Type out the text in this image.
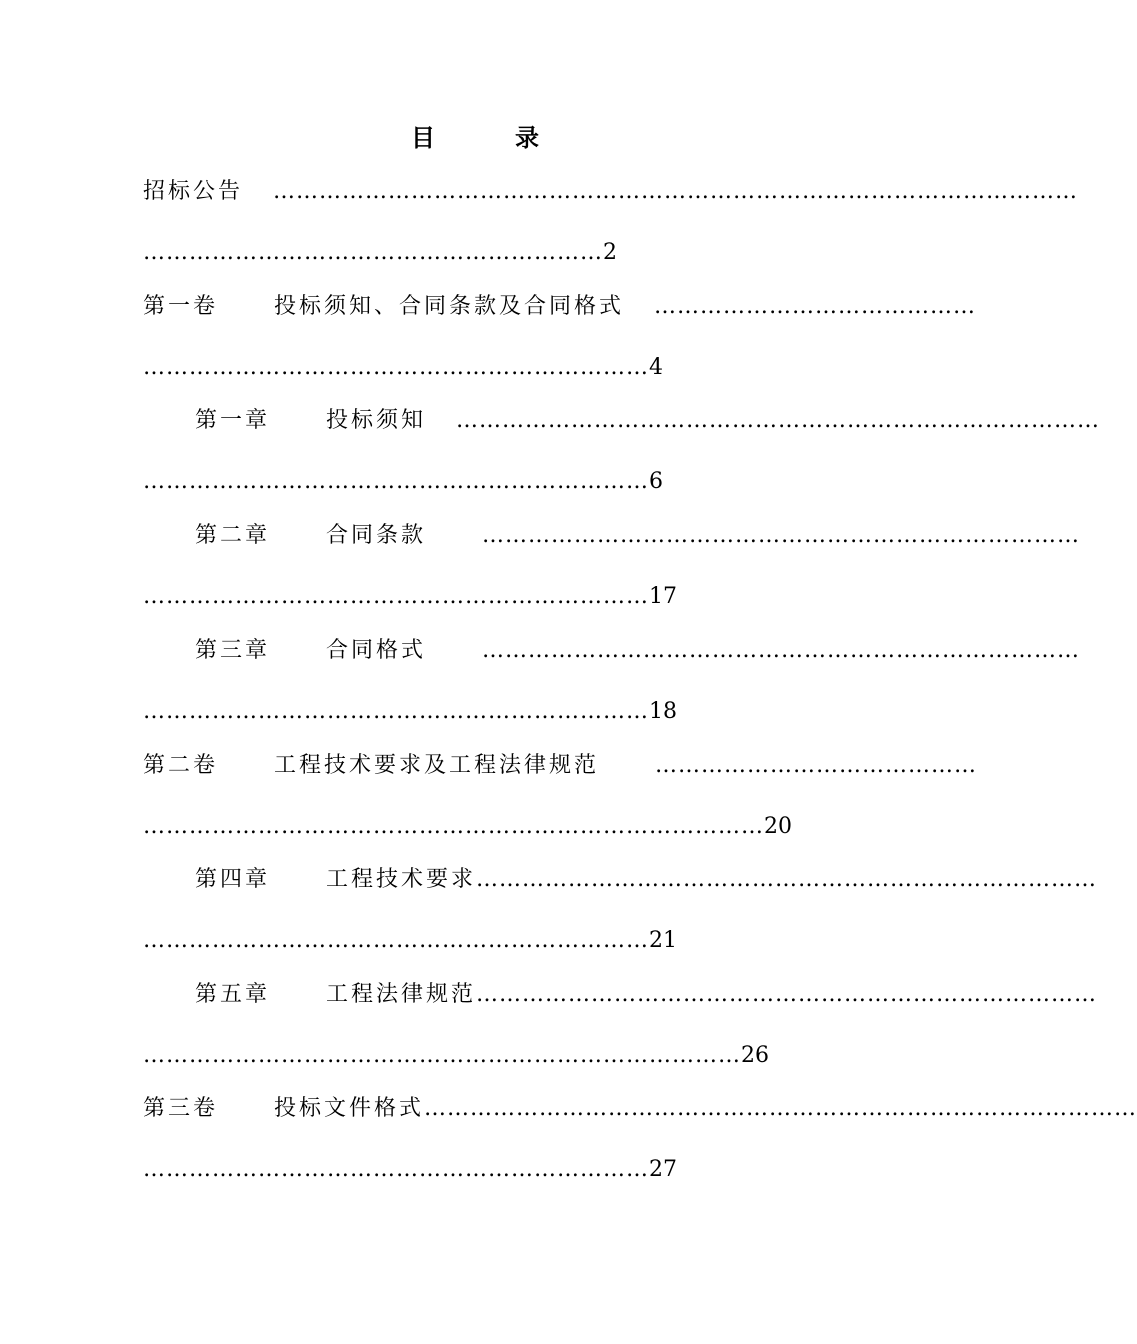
目	录
招标公告 ……………………………………………………………………………………………
……………………………………………………2
第一卷	投标须知、合同条款及合同格式 ……………………………………
…………………………………………………………4
第一章	投标须知 …………………………………………………………………………
…………………………………………………………6
第二章	合同条款	……………………………………………………………………
…………………………………………………………17
第三章	合同格式	……………………………………………………………………
…………………………………………………………18
第二卷	工程技术要求及工程法律规范	……………………………………
………………………………………………………………………20
第四章	工程技术要求………………………………………………………………………
…………………………………………………………21
第五章	工程法律规范………………………………………………………………………
……………………………………………………………………26
第三卷	投标文件格式…………………………………………………………………………………
…………………………………………………………27
